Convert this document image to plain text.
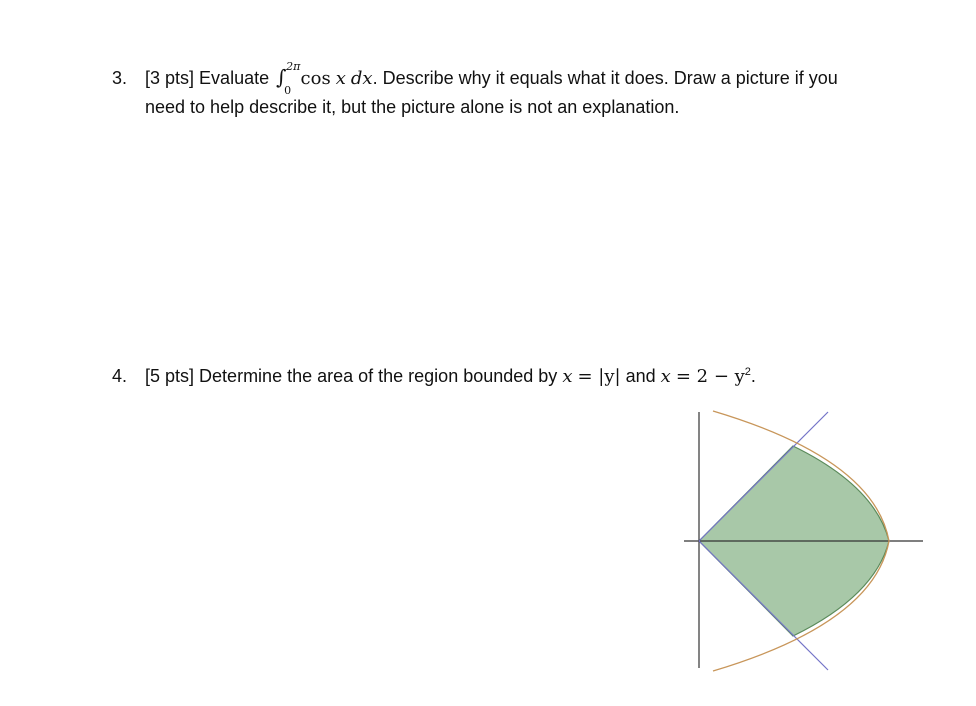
3. [3 pts] Evaluate ∫ 2π
0
cos x dx. Describe why it equals what it does. Draw a picture if you
need to help describe it, but the picture alone is not an explanation.
4. [5 pts] Determine the area of the region bounded by x = |y| and $x = 2 - y^2$.
